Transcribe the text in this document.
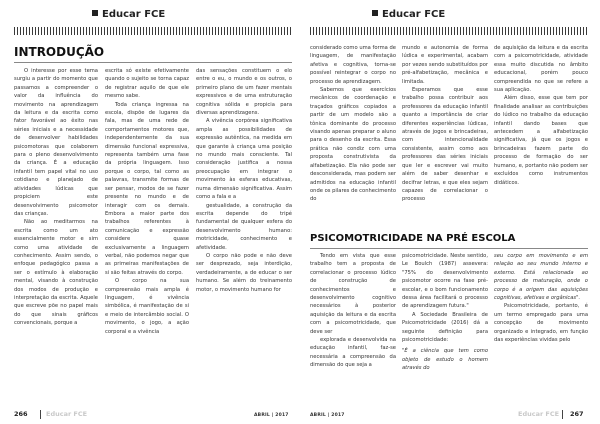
Educar FCE
INTRODUÇÃO

O interesse por esse tema surgiu a partir do momento que passamos a compreender o valor da influência do movimento na aprendizagem da leitura e da escrita como fator favorável ao êxito nas séries iniciais e a necessidade de desenvolver habilidades psicomotoras que colaborem para o pleno desenvolvimento da criança. É a educação infantil tem papel vital no uso cotidiano e planejado de atividades lúdicas que propiciem este desenvolvimento psicomotor das crianças.

Não ao meditarmos na escrita como um ato essencialmente motor e sim como uma atividade de conhecimento. Assim sendo, o enfoque pedagógico passa a ser o estímulo à elaboração mental, visando à construção dos modos de produção e interpretação da escrita. Aquele que escreve põe no papel mais do que sinais gráficos convencionais, porque a

escrita só existe efetivamente quando o sujeito se torna capaz de registrar aquilo de que ele mesmo sabe.

Toda criança ingressa na escola, dispõe de lugares da fala, mas de uma rede de comportamentos motores que, independentemente da sua dimensão funcional expressiva, representa também uma fase da própria linguagem. Isso porque o corpo, tal como as palavras, transmite formas de ser pensar, modos de se fazer presente no mundo e de interagir com os demais. Embora a maior parte dos trabalhos referentes à comunicação e expressão considere quase exclusivamente a linguagem verbal, não podemos negar que as primeiras manifestações de si são feitas através do corpo.

O corpo na sua compreensão mais ampla é linguagem, é vivência simbólica, é manifestação de si e meio de intercâmbio social. O movimento, o jogo, a ação corporal e a vivência

das sensações constituem o elo entre o eu, o mundo e os outros, o primeiro plano de um fazer mentais expressivos e de uma estruturação cognitiva sólida e propicia para diversas aprendizagens.

A vivência corpórea significativa ampla as possibilidades de expressão autêntica, na medida em que garante à criança uma posição no mundo mais consciente. Tal consideração justifica a nossa preocupação em integrar o movimento às esferas educativas, numa dimensão significativa. Assim como a fala e a

gestualidade, a construção da escrita depende do tripé fundamental de qualquer esfera do desenvolvimento humano: motricidade, conhecimento e afetividade.

O corpo não pode e não deve ser desprezado, seja interdição, verdadeiramente, a de educar o ser humano. Se além do treinamento motor, o movimento humano for

266	Educar FCE	ABRIL | 2017
Educar FCE

considerado como uma forma de linguagem, de manifestação afetiva e cognitiva, torna-se possível reintegrar o corpo no processo de aprendizagem.

Sabemos que exercícios mecânicos de coordenação e traçados gráficos copiados a partir de um modelo são a tônica dominante do processo visando apenas preparar o aluno para o desenho da escrita. Essa prática não condiz com uma proposta construtivista da alfabetização. Ela não pode ser desconsiderada, mas podem ser admitidos na educação infantil onde os pilares de conhecimento do

mundo e autonomia de forma lúdica e experimental, acabam por vezes sendo substituídos por pré-alfabetização, mecânica e limitada.

Esperamos que esse trabalho possa contribuir aos professores da educação infantil quanto a importância de criar diferentes experiências lúdicas, através de jogos e brincadeiras, com intencionalidade consistente, assim como aos professores das séries iniciais que ler e escrever vai muito além de saber desenhar e decifrar letras, e que eles sejam capazes de correlacionar o processo

de aquisição da leitura e da escrita com a psicomotricidade, atividade essa muito discutida no âmbito educacional, porém pouco compreendida no que se refere a sua aplicação.

Além disso, esse que tem por finalidade analisar as contribuições do lúdico no trabalho da educação infantil dando bases que antecedem a alfabetização significativa, já que os jogos e brincadeiras fazem parte do processo de formação do ser humano, e, portanto não podem ser excluídos como instrumentos didáticos.

PSICOMOTRICIDADE NA PRÉ ESCOLA

Tendo em vista que esse trabalho tem a proposta de correlacionar o processo lúdico de construção de conhecimentos e desenvolvimento cognitivo necessários à posterior aquisição da leitura e da escrita com a psicomotricidade, que deve ser

explorada e desenvolvida na educação infantil, faz-se necessária a compreensão da dimensão do que seja a

psicomotricidade. Neste sentido, Le Boulch (1987) assevera: "75% do desenvolvimento psicomotor ocorre na fase pré-escolar, e o bom funcionamento dessa área facilitará o processo de aprendizagem futura."

A Sociedade Brasileira de Psicomotricidade (2016) dá a seguinte definição para psicomotricidade:

"É a ciência que tem como objeto de estudo o homem através do

seu corpo em movimento e em relação ao seu mundo interno e externo. Está relacionada ao processo de maturação, onde o corpo é a origem das aquisições cognitivas, afetivas e orgânicas".

Psicomotricidade, portanto, é um termo empregado para uma concepção de movimento organizado e integrado, em função das experiências vividas pelo

ABRIL | 2017	Educar FCE 267
